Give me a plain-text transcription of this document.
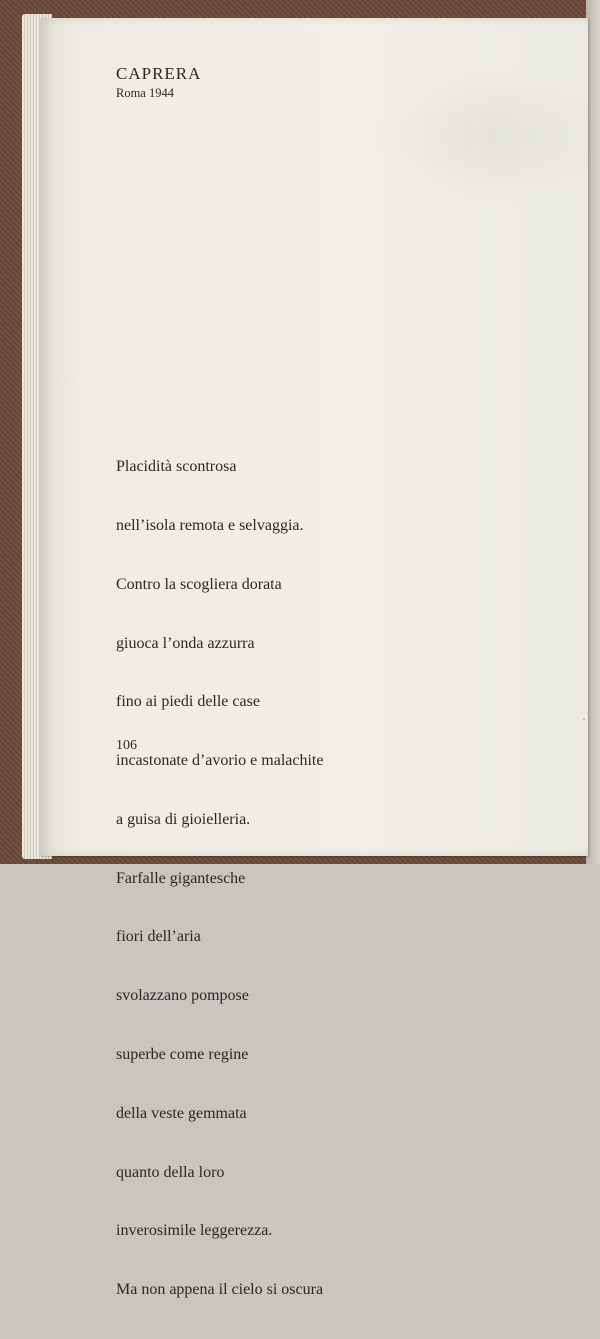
CAPRERA
Roma 1944

Placidità scontrosa

nell’isola remota e selvaggia.

Contro la scogliera dorata

giuoca l’onda azzurra

fino ai piedi delle case

incastonate d’avorio e malachite

a guisa di gioielleria.

Farfalle gigantesche

fiori dell’aria

svolazzano pompose

superbe come regine

della veste gemmata

quanto della loro

inverosimile leggerezza.

Ma non appena il cielo si oscura

106
·
